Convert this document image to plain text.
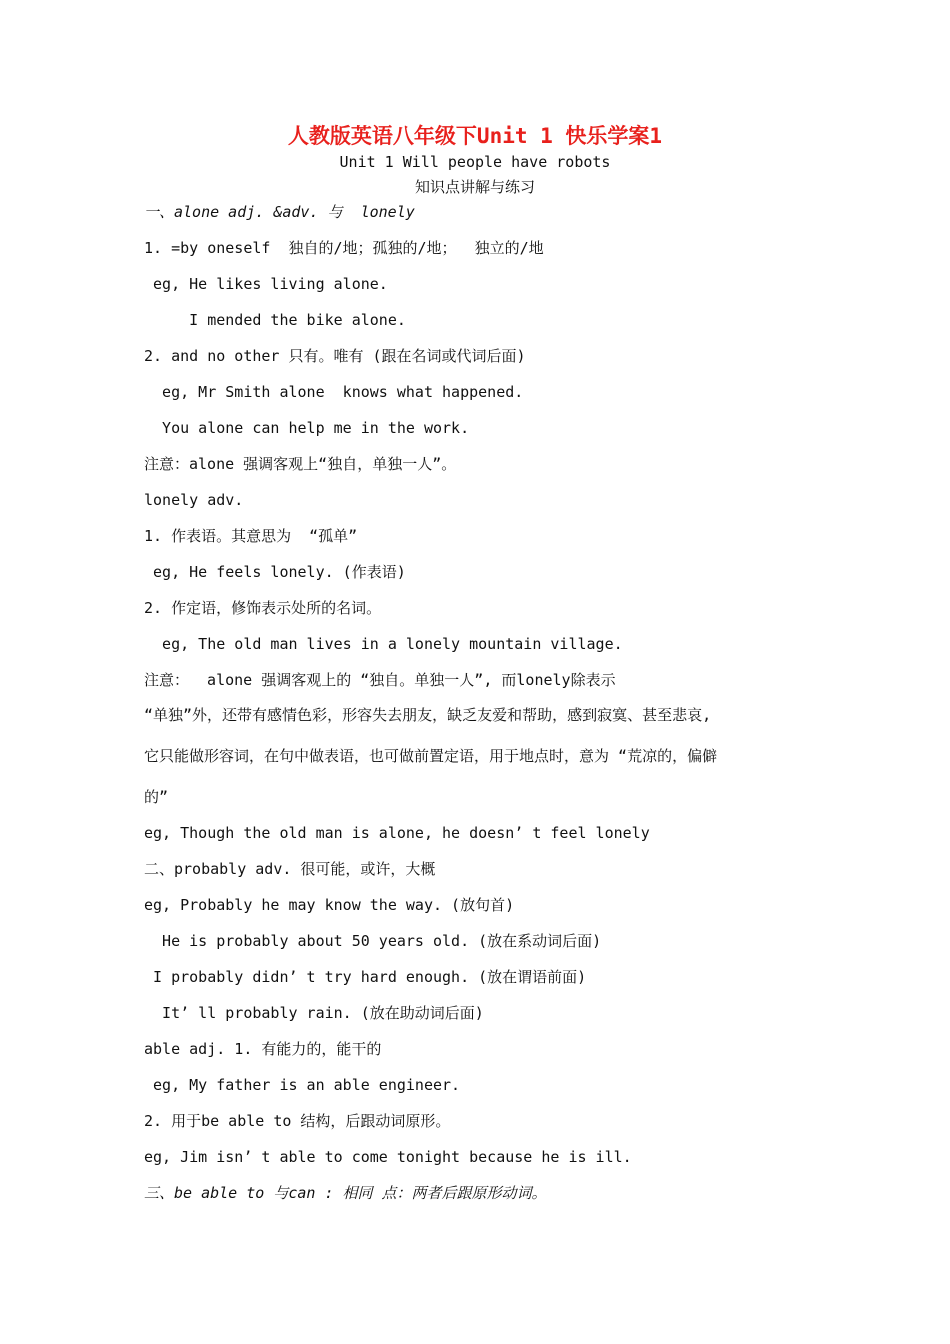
人教版英语八年级下Unit 1 快乐学案1
Unit 1 Will people have robots
知识点讲解与练习
一、alone adj. &adv. 与  lonely
1. =by oneself  独自的/地；孤独的/地；  独立的/地
eg, He likes living alone.
I mended the bike alone.
2. and no other 只有。唯有 (跟在名词或代词后面)
eg, Mr Smith alone  knows what happened.
You alone can help me in the work.
注意：alone 强调客观上“独自，单独一人”。
lonely adv.
1. 作表语。其意思为  “孤单”
eg, He feels lonely. (作表语)
2. 作定语，修饰表示处所的名词。
eg, The old man lives in a lonely mountain village.
注意：  alone 强调客观上的 “独自。单独一人”, 而lonely除表示
“单独”外，还带有感情色彩，形容失去朋友，缺乏友爱和帮助，感到寂寞、甚至悲哀,
它只能做形容词，在句中做表语，也可做前置定语，用于地点时，意为 “荒凉的，偏僻
的”
eg, Though the old man is alone, he doesn’ t feel lonely
二、probably adv. 很可能，或许，大概
eg, Probably he may know the way. (放句首)
He is probably about 50 years old. (放在系动词后面)
I probably didn’ t try hard enough. (放在谓语前面)
It’ ll probably rain. (放在助动词后面)
able adj. 1. 有能力的，能干的
eg, My father is an able engineer.
2. 用于be able to 结构，后跟动词原形。
eg, Jim isn’ t able to come tonight because he is ill.
三、be able to 与can : 相同 点：两者后跟原形动词。
